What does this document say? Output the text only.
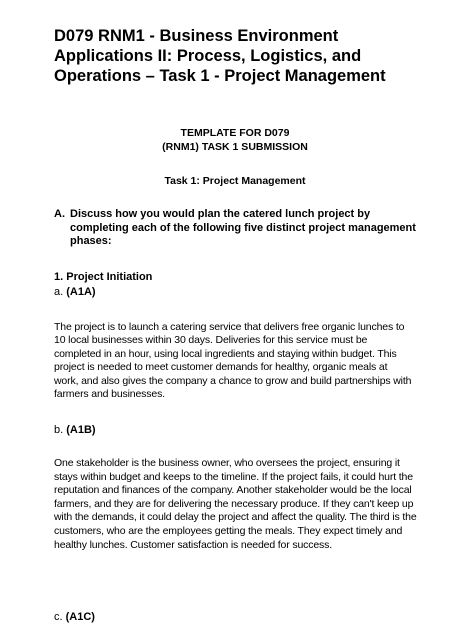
D079 RNM1 - Business Environment Applications II: Process, Logistics, and Operations – Task 1 - Project Management
TEMPLATE FOR D079
(RNM1) TASK 1 SUBMISSION
Task 1: Project Management
A. Discuss how you would plan the catered lunch project by completing each of the following five distinct project management phases:
1. Project Initiation
a. (A1A)

The project is to launch a catering service that delivers free organic lunches to 10 local businesses within 30 days. Deliveries for this service must be completed in an hour, using local ingredients and staying within budget. This project is needed to meet customer demands for healthy, organic meals at work, and also gives the company a chance to grow and build partnerships with farmers and businesses.

b. (A1B)

One stakeholder is the business owner, who oversees the project, ensuring it stays within budget and keeps to the timeline. If the project fails, it could hurt the reputation and finances of the company. Another stakeholder would be the local farmers, and they are for delivering the necessary produce. If they can't keep up with the demands, it could delay the project and affect the quality. The third is the customers, who are the employees getting the meals. They expect timely and healthy lunches. Customer satisfaction is needed for success.

c. (A1C)
